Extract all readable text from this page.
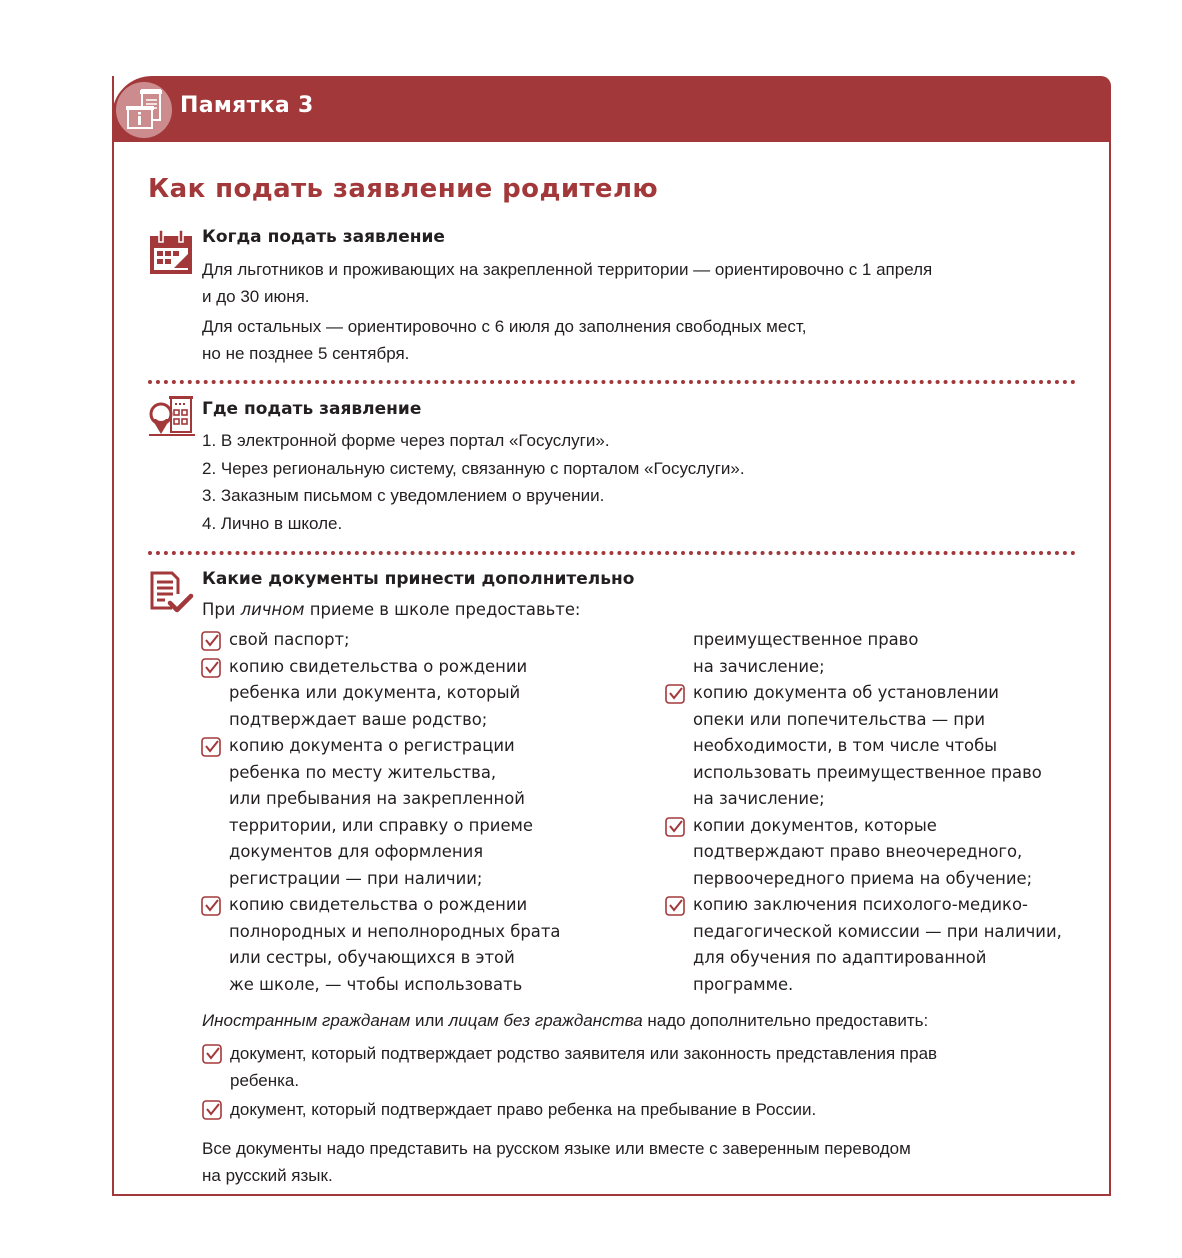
Памятка 3
Как подать заявление родителю
Когда подать заявление

Для льготников и проживающих на закрепленной территории — ориентировочно с 1 апреля

и до 30 июня.

Для остальных — ориентировочно с 6 июля до заполнения свободных мест,

но не позднее 5 сентября.

Где подать заявление
1. В электронной форме через портал «Госуслуги».
2. Через региональную систему, связанную с порталом «Госуслуги».
3. Заказным письмом с уведомлением о вручении.
4. Лично в школе.
Какие документы принести дополнительно
При личном приеме в школе предоставьте:
свой паспорт;
копию свидетельства о рождении
ребенка или документа, который
подтверждает ваше родство;
копию документа о регистрации
ребенка по месту жительства,
или пребывания на закрепленной
территории, или справку о приеме
документов для оформления
регистрации — при наличии;
копию свидетельства о рождении
полнородных и неполнородных брата
или сестры, обучающихся в этой
же школе, — чтобы использовать
преимущественное право
на зачисление;
копию документа об установлении
опеки или попечительства — при
необходимости, в том числе чтобы
использовать преимущественное право
на зачисление;
копии документов, которые
подтверждают право внеочередного,
первоочередного приема на обучение;
копию заключения психолого-медико-
педагогической комиссии — при наличии,
для обучения по адаптированной
программе.
Иностранным гражданам или лицам без гражданства надо дополнительно предоставить:
документ, который подтверждает родство заявителя или законность представления прав
ребенка.
документ, который подтверждает право ребенка на пребывание в России.
Все документы надо представить на русском языке или вместе с заверенным переводом
на русский язык.
